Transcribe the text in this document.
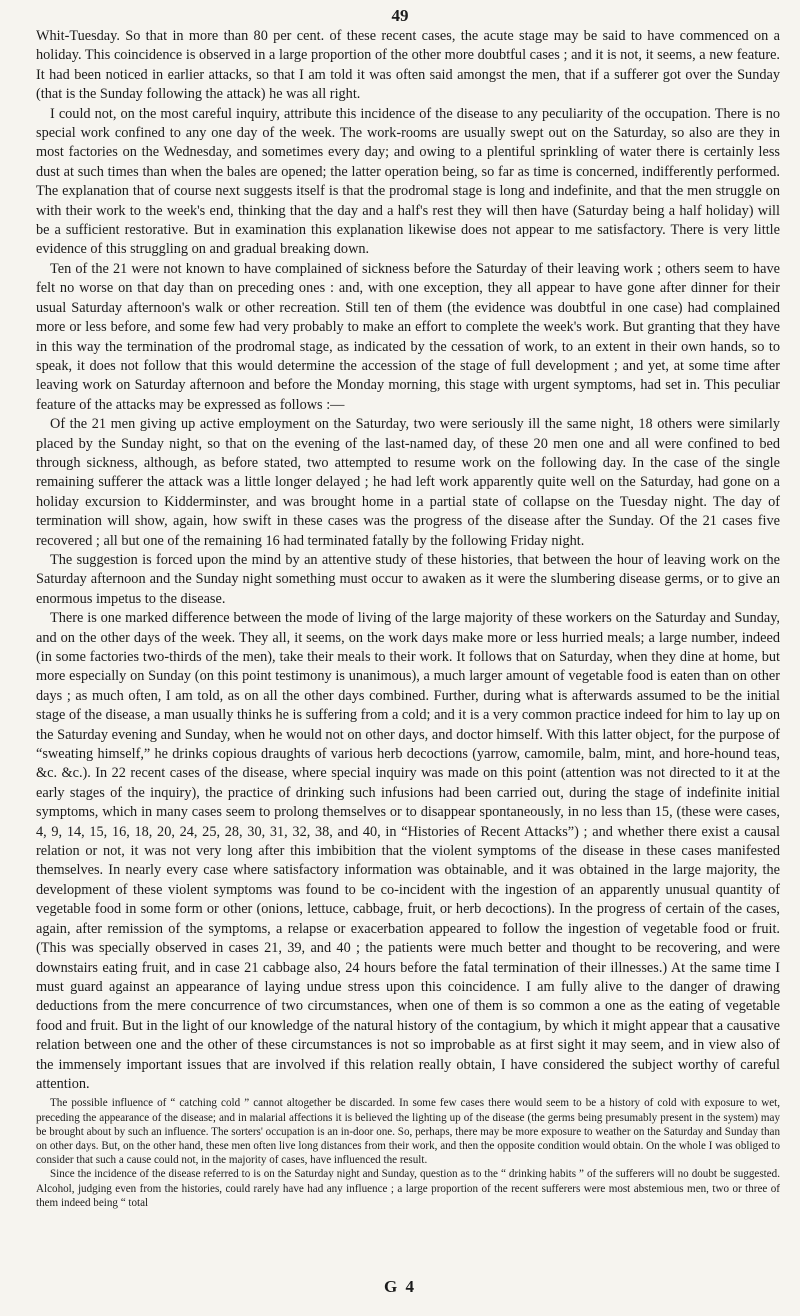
49

Whit-Tuesday. So that in more than 80 per cent. of these recent cases, the acute stage may be said to have commenced on a holiday. This coincidence is observed in a large proportion of the other more doubtful cases ; and it is not, it seems, a new feature. It had been noticed in earlier attacks, so that I am told it was often said amongst the men, that if a sufferer got over the Sunday (that is the Sunday following the attack) he was all right.

I could not, on the most careful inquiry, attribute this incidence of the disease to any peculiarity of the occupation. There is no special work confined to any one day of the week. The work-rooms are usually swept out on the Saturday, so also are they in most factories on the Wednesday, and sometimes every day; and owing to a plentiful sprinkling of water there is certainly less dust at such times than when the bales are opened; the latter operation being, so far as time is concerned, indifferently performed. The explanation that of course next suggests itself is that the prodromal stage is long and indefinite, and that the men struggle on with their work to the week's end, thinking that the day and a half's rest they will then have (Saturday being a half holiday) will be a sufficient restorative. But in examination this explanation likewise does not appear to me satisfactory. There is very little evidence of this struggling on and gradual breaking down.

Ten of the 21 were not known to have complained of sickness before the Saturday of their leaving work ; others seem to have felt no worse on that day than on preceding ones : and, with one exception, they all appear to have gone after dinner for their usual Saturday afternoon's walk or other recreation. Still ten of them (the evidence was doubtful in one case) had complained more or less before, and some few had very probably to make an effort to complete the week's work. But granting that they have in this way the termination of the prodromal stage, as indicated by the cessation of work, to an extent in their own hands, so to speak, it does not follow that this would determine the accession of the stage of full development ; and yet, at some time after leaving work on Saturday afternoon and before the Monday morning, this stage with urgent symptoms, had set in. This peculiar feature of the attacks may be expressed as follows :—

Of the 21 men giving up active employment on the Saturday, two were seriously ill the same night, 18 others were similarly placed by the Sunday night, so that on the evening of the last-named day, of these 20 men one and all were confined to bed through sickness, although, as before stated, two attempted to resume work on the following day. In the case of the single remaining sufferer the attack was a little longer delayed ; he had left work apparently quite well on the Saturday, had gone on a holiday excursion to Kidderminster, and was brought home in a partial state of collapse on the Tuesday night. The day of termination will show, again, how swift in these cases was the progress of the disease after the Sunday. Of the 21 cases five recovered ; all but one of the remaining 16 had terminated fatally by the following Friday night.

The suggestion is forced upon the mind by an attentive study of these histories, that between the hour of leaving work on the Saturday afternoon and the Sunday night something must occur to awaken as it were the slumbering disease germs, or to give an enormous impetus to the disease.

There is one marked difference between the mode of living of the large majority of these workers on the Saturday and Sunday, and on the other days of the week. They all, it seems, on the work days make more or less hurried meals; a large number, indeed (in some factories two-thirds of the men), take their meals to their work. It follows that on Saturday, when they dine at home, but more especially on Sunday (on this point testimony is unanimous), a much larger amount of vegetable food is eaten than on other days ; as much often, I am told, as on all the other days combined. Further, during what is afterwards assumed to be the initial stage of the disease, a man usually thinks he is suffering from a cold; and it is a very common practice indeed for him to lay up on the Saturday evening and Sunday, when he would not on other days, and doctor himself. With this latter object, for the purpose of “sweating himself,” he drinks copious draughts of various herb decoctions (yarrow, camomile, balm, mint, and hore-hound teas, &c. &c.). In 22 recent cases of the disease, where special inquiry was made on this point (attention was not directed to it at the early stages of the inquiry), the practice of drinking such infusions had been carried out, during the stage of indefinite initial symptoms, which in many cases seem to prolong themselves or to disappear spontaneously, in no less than 15, (these were cases, 4, 9, 14, 15, 16, 18, 20, 24, 25, 28, 30, 31, 32, 38, and 40, in “Histories of Recent Attacks”) ; and whether there exist a causal relation or not, it was not very long after this imbibition that the violent symptoms of the disease in these cases manifested themselves. In nearly every case where satisfactory information was obtainable, and it was obtained in the large majority, the development of these violent symptoms was found to be co-incident with the ingestion of an apparently unusual quantity of vegetable food in some form or other (onions, lettuce, cabbage, fruit, or herb decoctions). In the progress of certain of the cases, again, after remission of the symptoms, a relapse or exacerbation appeared to follow the ingestion of vegetable food or fruit. (This was specially observed in cases 21, 39, and 40 ; the patients were much better and thought to be recovering, and were downstairs eating fruit, and in case 21 cabbage also, 24 hours before the fatal termination of their illnesses.) At the same time I must guard against an appearance of laying undue stress upon this coincidence. I am fully alive to the danger of drawing deductions from the mere concurrence of two circumstances, when one of them is so common a one as the eating of vegetable food and fruit. But in the light of our knowledge of the natural history of the contagium, by which it might appear that a causative relation between one and the other of these circumstances is not so improbable as at first sight it may seem, and in view also of the immensely important issues that are involved if this relation really obtain, I have considered the subject worthy of careful attention.

The possible influence of “ catching cold ” cannot altogether be discarded. In some few cases there would seem to be a history of cold with exposure to wet, preceding the appearance of the disease; and in malarial affections it is believed the lighting up of the disease (the germs being presumably present in the system) may be brought about by such an influence. The sorters' occupation is an in-door one. So, perhaps, there may be more exposure to weather on the Saturday and Sunday than on other days. But, on the other hand, these men often live long distances from their work, and then the opposite condition would obtain. On the whole I was obliged to consider that such a cause could not, in the majority of cases, have influenced the result.

Since the incidence of the disease referred to is on the Saturday night and Sunday, question as to the “ drinking habits ” of the sufferers will no doubt be suggested. Alcohol, judging even from the histories, could rarely have had any influence ; a large proportion of the recent sufferers were most abstemious men, two or three of them indeed being “ total

G 4
